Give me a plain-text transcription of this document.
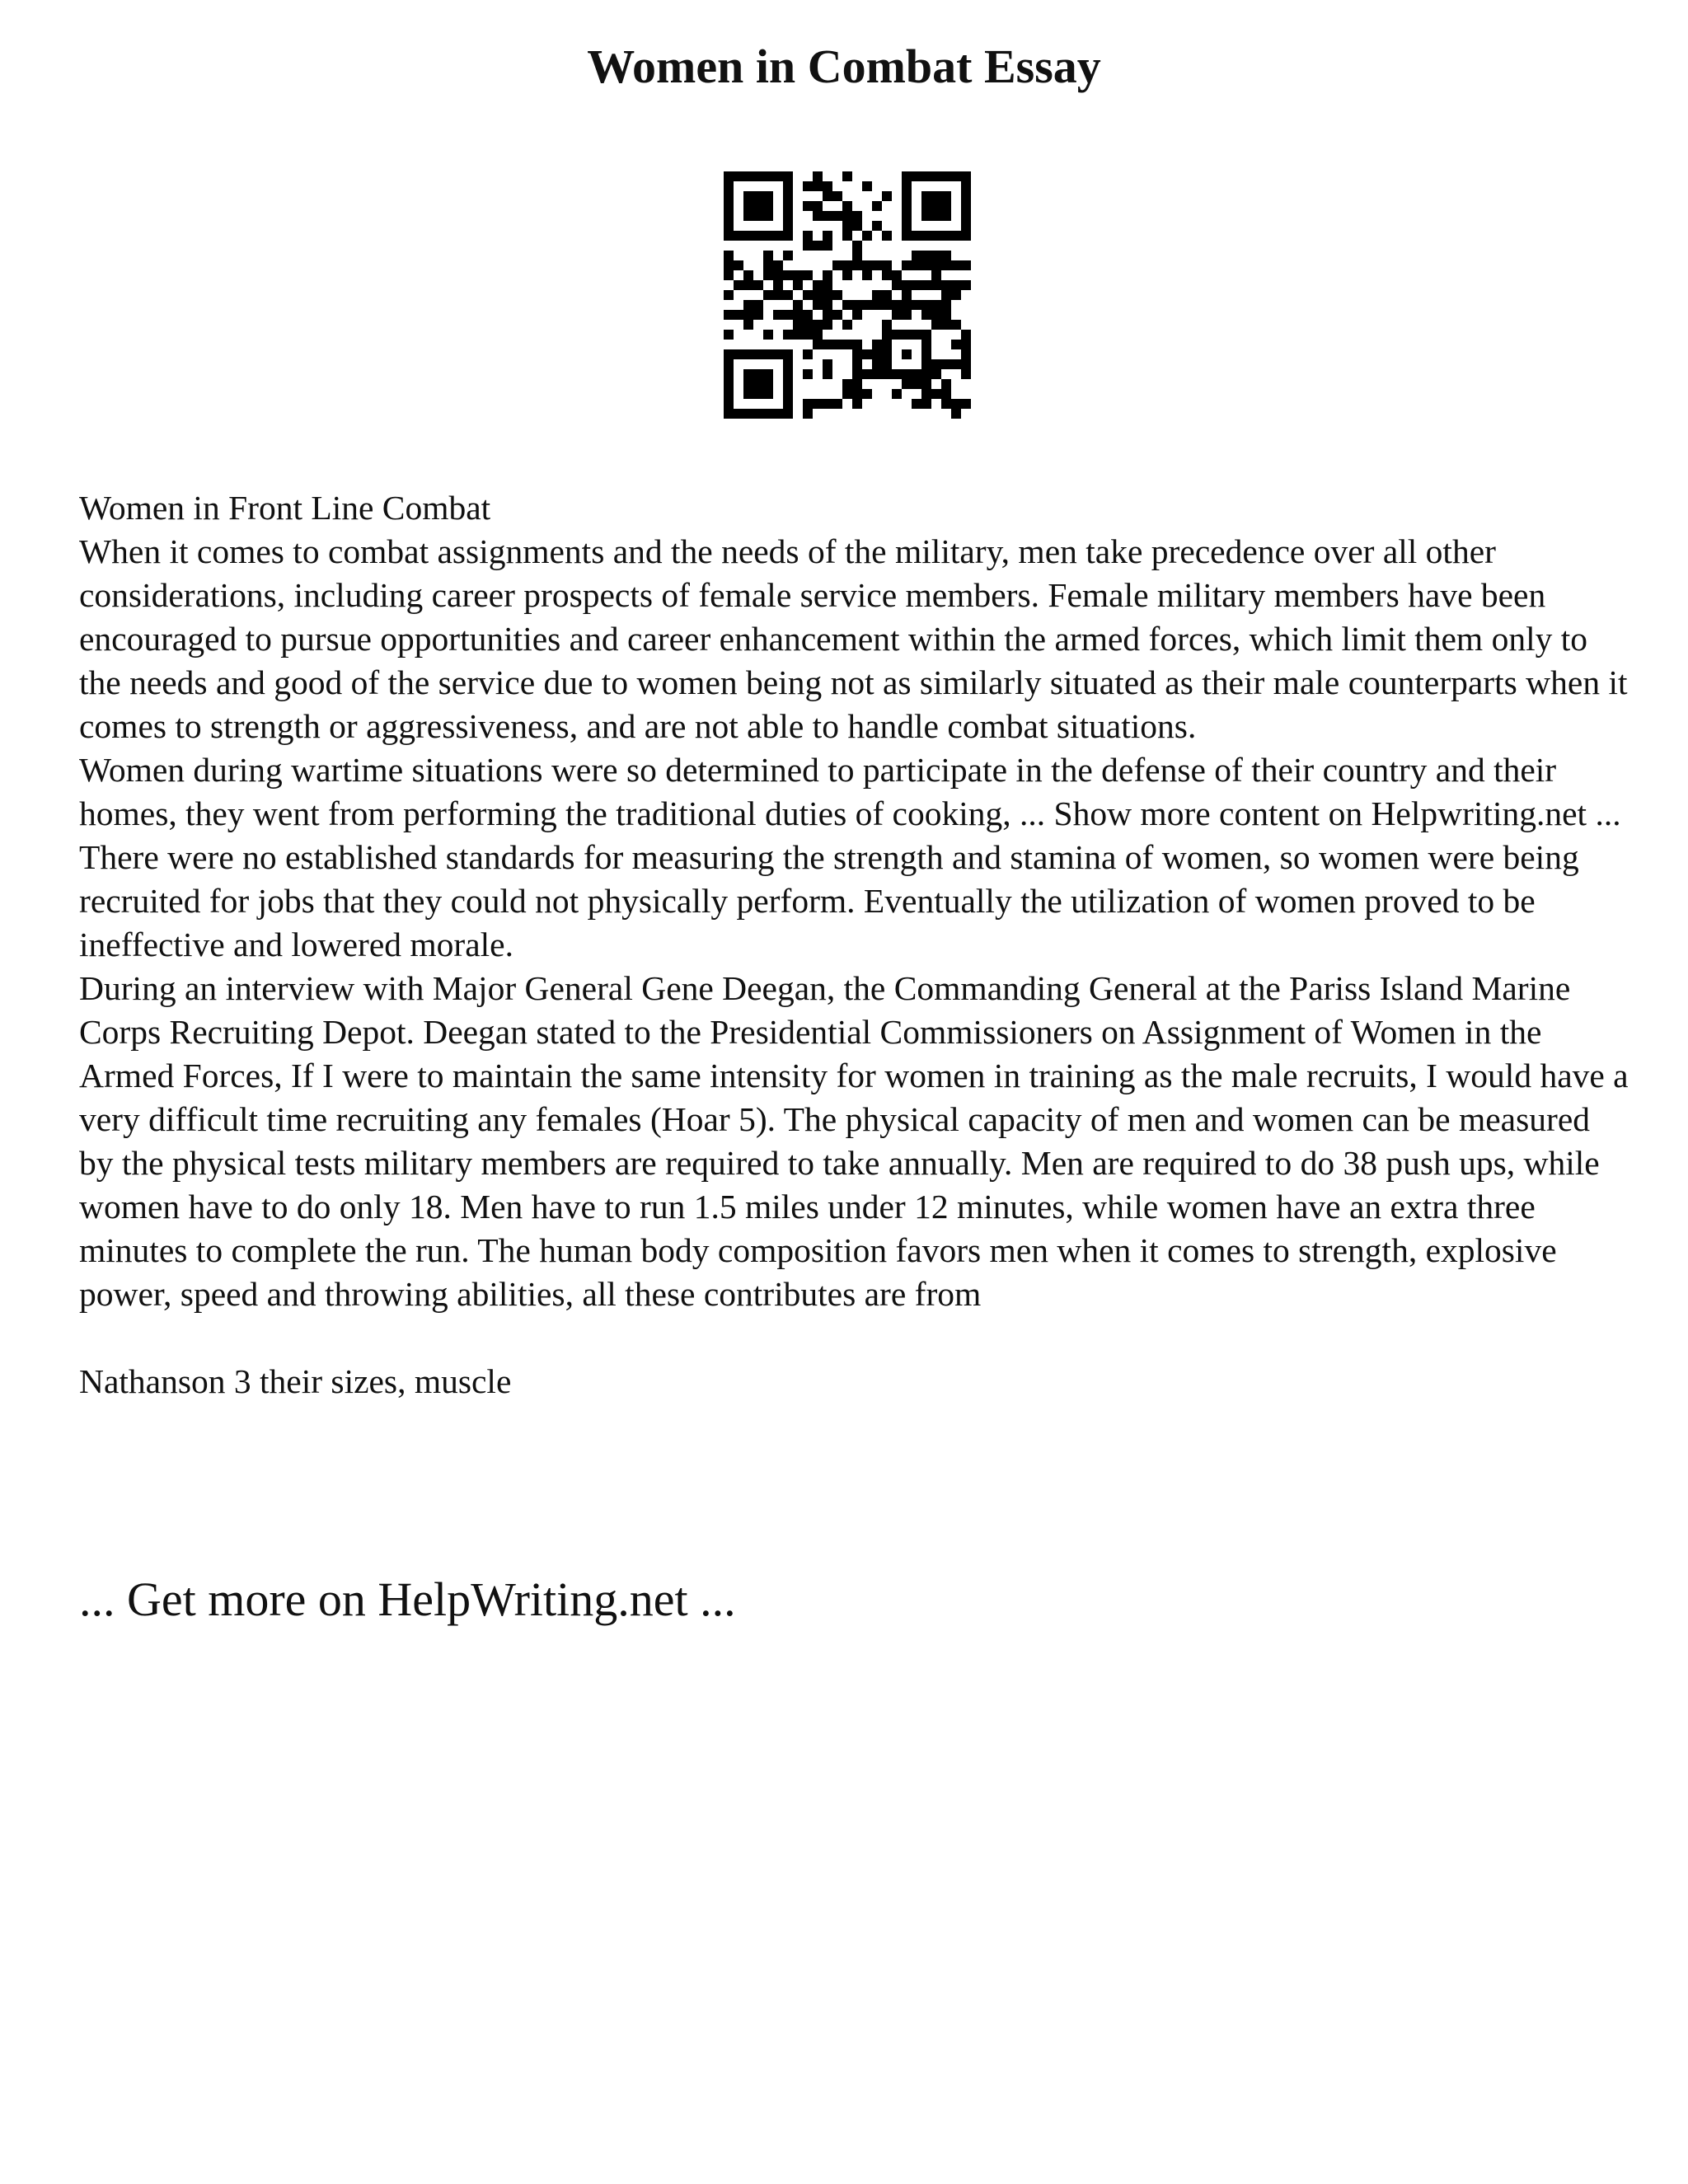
Women in Combat Essay

Women in Front Line Combat

When it comes to combat assignments and the needs of the military, men take precedence over all other considerations, including career prospects of female service members. Female military members have been encouraged to pursue opportunities and career enhancement within the armed forces, which limit them only to the needs and good of the service due to women being not as similarly situated as their male counterparts when it comes to strength or aggressiveness, and are not able to handle combat situations.

Women during wartime situations were so determined to participate in the defense of their country and their homes, they went from performing the traditional duties of cooking, ... Show more content on Helpwriting.net ...

There were no established standards for measuring the strength and stamina of women, so women were being recruited for jobs that they could not physically perform. Eventually the utilization of women proved to be ineffective and lowered morale.

During an interview with Major General Gene Deegan, the Commanding General at the Pariss Island Marine Corps Recruiting Depot. Deegan stated to the Presidential Commissioners on Assignment of Women in the Armed Forces, If I were to maintain the same intensity for women in training as the male recruits, I would have a very difficult time recruiting any females (Hoar 5). The physical capacity of men and women can be measured by the physical tests military members are required to take annually. Men are required to do 38 push ups, while women have to do only 18. Men have to run 1.5 miles under 12 minutes, while women have an extra three minutes to complete the run. The human body composition favors men when it comes to strength, explosive power, speed and throwing abilities, all these contributes are from

Nathanson 3 their sizes, muscle

... Get more on HelpWriting.net ...
